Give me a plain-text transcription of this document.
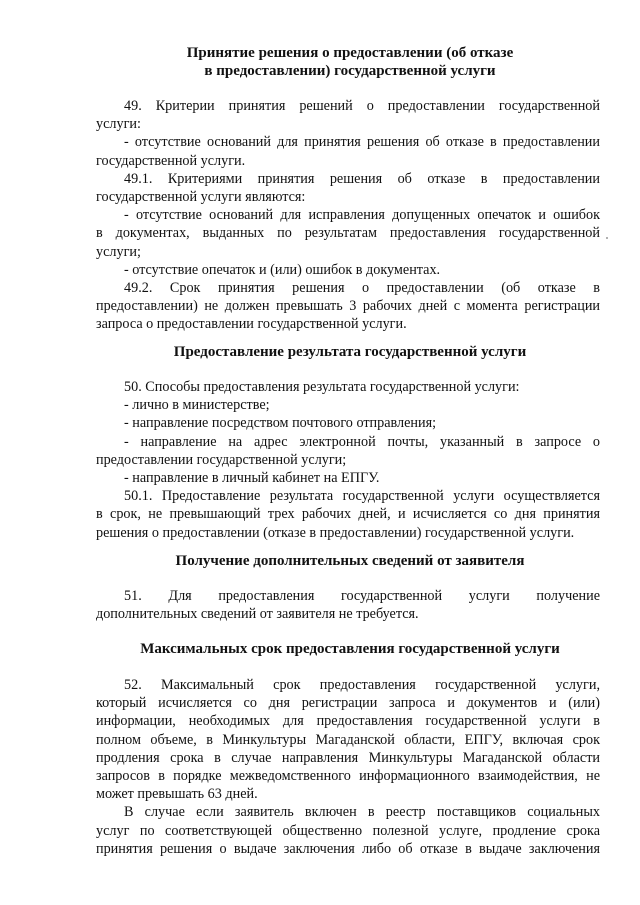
Принятие решения о предоставлении (об отказе
в предоставлении) государственной услуги
49. Критерии принятия решений о предоставлении государственной
услуги:
- отсутствие оснований для принятия решения об отказе в предоставлении
государственной услуги.
49.1. Критериями принятия решения об отказе в предоставлении
государственной услуги являются:
- отсутствие оснований для исправления допущенных опечаток и ошибок
в документах, выданных по результатам предоставления государственной
услуги;
- отсутствие опечаток и (или) ошибок в документах.
49.2. Срок принятия решения о предоставлении (об отказе в
предоставлении) не должен превышать 3 рабочих дней с момента регистрации
запроса о предоставлении государственной услуги.
Предоставление результата государственной услуги
50. Способы предоставления результата государственной услуги:
- лично в министерстве;
- направление посредством почтового отправления;
- направление на адрес электронной почты, указанный в запросе о
предоставлении государственной услуги;
- направление в личный кабинет на ЕПГУ.
50.1. Предоставление результата государственной услуги осуществляется
в срок, не превышающий трех рабочих дней, и исчисляется со дня принятия
решения о предоставлении (отказе в предоставлении) государственной услуги.
Получение дополнительных сведений от заявителя
51. Для предоставления государственной услуги получение
дополнительных сведений от заявителя не требуется.
Максимальных срок предоставления государственной услуги
52. Максимальный срок предоставления государственной услуги,
который исчисляется со дня регистрации запроса и документов и (или)
информации, необходимых для предоставления государственной услуги в
полном объеме, в Минкультуры Магаданской области, ЕПГУ, включая срок
продления срока в случае направления Минкультуры Магаданской области
запросов в порядке межведомственного информационного взаимодействия, не
может превышать 63 дней.
В случае если заявитель включен в реестр поставщиков социальных
услуг по соответствующей общественно полезной услуге, продление срока
принятия решения о выдаче заключения либо об отказе в выдаче заключения
